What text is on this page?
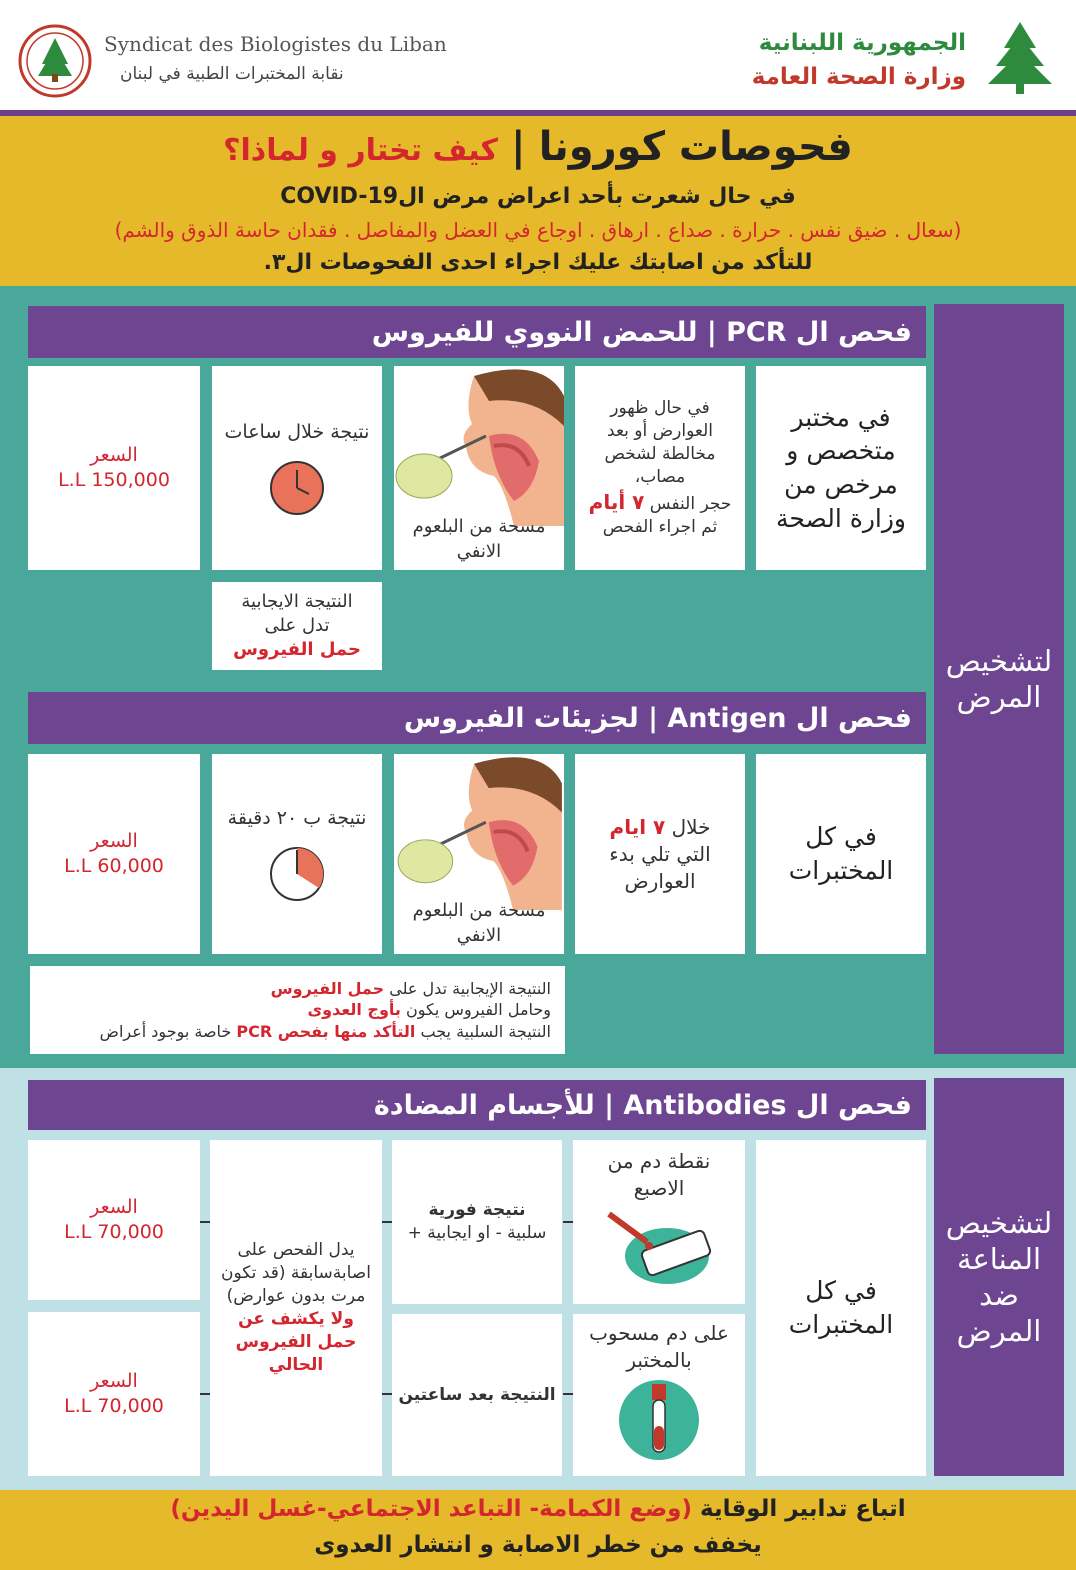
Syndicat des Biologistes du Liban
نقابة المختبرات الطبية في لبنان
الجمهورية اللبنانية
وزارة الصحة العامة
فحوصات كورونا | كيف تختار و لماذا؟
في حال شعرت بأحد اعراض مرض الCOVID-19
(سعال . ضيق نفس . حرارة . صداع . ارهاق . اوجاع في العضل والمفاصل . فقدان حاسة الذوق والشم)
للتأكد من اصابتك عليك اجراء احدى الفحوصات ال٣.
لتشخيص المرض
فحص ال PCR | للحمض النووي للفيروس
في مختبر متخصص و مرخص من وزارة الصحة
في حال ظهور العوارض أو بعد مخالطة لشخص مصاب،
حجر النفس ٧ أيام
ثم اجراء الفحص
مسحة من البلعوم الانفي
نتيجة خلال ساعات
السعر
L.L 150,000
النتيجة الايجابية تدل على
حمل الفيروس
فحص ال Antigen | لجزيئات الفيروس
في كل المختبرات
خلال ٧ ايام
التي تلي بدء العوارض
مسحة من البلعوم الانفي
نتيجة ب ٢٠ دقيقة
السعر
L.L 60,000
النتيجة الإيجابية تدل على حمل الفيروس
وحامل الفيروس يكون بأوج العدوى
النتيجة السلبية يجب التأكد منها بفحص PCR خاصة بوجود أعراض
لتشخيص المناعة ضد المرض
فحص ال Antibodies | للأجسام المضادة
في كل المختبرات
نقطة دم من الاصبع
على دم مسحوب بالمختبر
نتيجة فورية
سلبية - او ايجابية +
النتيجة بعد ساعتين
يدل الفحص على اصابةسابقة (قد تكون مرت بدون عوارض)
ولا يكشف عن حمل الفيروس الحالي
السعر
L.L 70,000
السعر
L.L 70,000
اتباع تدابير الوقاية (وضع الكمامة- التباعد الاجتماعي-غسل اليدين)
يخفف من خطر الاصابة و انتشار العدوى
